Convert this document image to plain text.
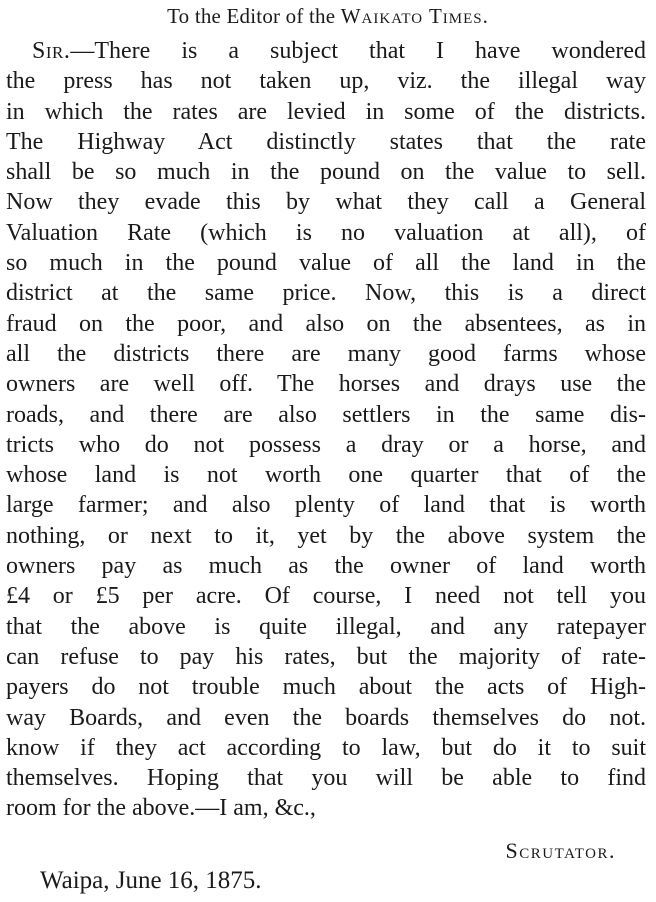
To the Editor of the Waikato Times.
Sir.—There is a subject that I have wondered
the press has not taken up, viz. the illegal way
in which the rates are levied in some of the districts.
The Highway Act distinctly states that the rate
shall be so much in the pound on the value to sell.
Now they evade this by what they call a General
Valuation Rate (which is no valuation at all), of
so much in the pound value of all the land in the
district at the same price. Now, this is a direct
fraud on the poor, and also on the absentees, as in
all the districts there are many good farms whose
owners are well off. The horses and drays use the
roads, and there are also settlers in the same dis-
tricts who do not possess a dray or a horse, and
whose land is not worth one quarter that of the
large farmer; and also plenty of land that is worth
nothing, or next to it, yet by the above system the
owners pay as much as the owner of land worth
£4 or £5 per acre. Of course, I need not tell you
that the above is quite illegal, and any ratepayer
can refuse to pay his rates, but the majority of rate-
payers do not trouble much about the acts of High-
way Boards, and even the boards themselves do not.
know if they act according to law, but do it to suit
themselves. Hoping that you will be able to find
room for the above.—I am, &c.,
Scrutator.
Waipa, June 16, 1875.
